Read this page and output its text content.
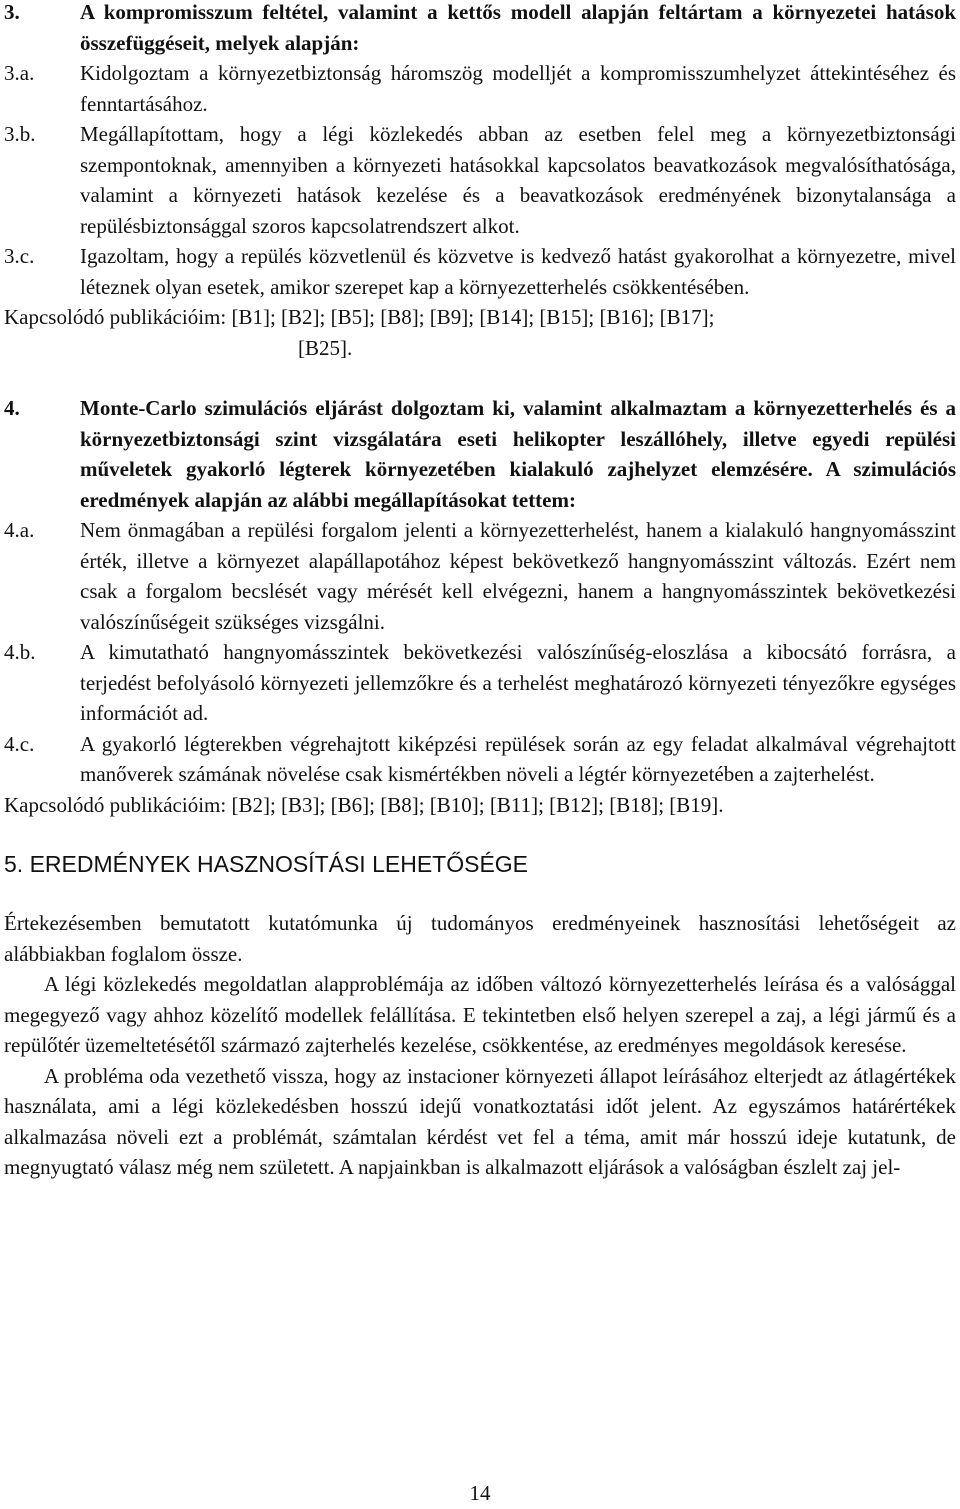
3.	A kompromisszum feltétel, valamint a kettős modell alapján feltártam a környezetei hatások összefüggéseit, melyek alapján:
3.a. Kidolgoztam a környezetbiztonság háromszög modelljét a kompromisszumhelyzet áttekintéséhez és fenntartásához.
3.b. Megállapítottam, hogy a légi közlekedés abban az esetben felel meg a környezetbiztonsági szempontoknak, amennyiben a környezeti hatásokkal kapcsolatos beavatkozások megvalósíthatósága, valamint a környezeti hatások kezelése és a beavatkozások eredményének bizonytalansága a repülésbiztonsággal szoros kapcsolatrendszert alkot.
3.c. Igazoltam, hogy a repülés közvetlenül és közvetve is kedvező hatást gyakorolhat a környezetre, mivel léteznek olyan esetek, amikor szerepet kap a környezetterhelés csökkentésében.
Kapcsolódó publikációim: [B1]; [B2]; [B5]; [B8]; [B9]; [B14]; [B15]; [B16]; [B17];
[B25].
4.	Monte-Carlo szimulációs eljárást dolgoztam ki, valamint alkalmaztam a környezetterhelés és a környezetbiztonsági szint vizsgálatára eseti helikopter leszállóhely, illetve egyedi repülési műveletek gyakorló légterek környezetében kialakuló zajhelyzet elemzésére. A szimulációs eredmények alapján az alábbi megállapításokat tettem:
4.a. Nem önmagában a repülési forgalom jelenti a környezetterhelést, hanem a kialakuló hangnyomásszint érték, illetve a környezet alapállapotához képest bekövetkező hangnyomásszint változás. Ezért nem csak a forgalom becslését vagy mérését kell elvégezni, hanem a hangnyomásszintek bekövetkezési valószínűségeit szükséges vizsgálni.
4.b. A kimutatható hangnyomásszintek bekövetkezési valószínűség-eloszlása a kibocsátó forrásra, a terjedést befolyásoló környezeti jellemzőkre és a terhelést meghatározó környezeti tényezőkre egységes információt ad.
4.c. A gyakorló légterekben végrehajtott kiképzési repülések során az egy feladat alkalmával végrehajtott manőverek számának növelése csak kismértékben növeli a légtér környezetében a zajterhelést.
Kapcsolódó publikációim: [B2]; [B3]; [B6]; [B8]; [B10]; [B11]; [B12]; [B18]; [B19].
5. EREDMÉNYEK HASZNOSÍTÁSI LEHETŐSÉGE
Értekezésemben bemutatott kutatómunka új tudományos eredményeinek hasznosítási lehetőségeit az alábbiakban foglalom össze.
A légi közlekedés megoldatlan alapproblémája az időben változó környezetterhelés leírása és a valósággal megegyező vagy ahhoz közelítő modellek felállítása. E tekintetben első helyen szerepel a zaj, a légi jármű és a repülőtér üzemeltetésétől származó zajterhelés kezelése, csökkentése, az eredményes megoldások keresése.
A probléma oda vezethető vissza, hogy az instacioner környezeti állapot leírásához elterjedt az átlagértékek használata, ami a légi közlekedésben hosszú idejű vonatkoztatási időt jelent. Az egyszámos határértékek alkalmazása növeli ezt a problémát, számtalan kérdést vet fel a téma, amit már hosszú ideje kutatunk, de megnyugtató válasz még nem született. A napjainkban is alkalmazott eljárások a valóságban észlelt zaj jel-
14
